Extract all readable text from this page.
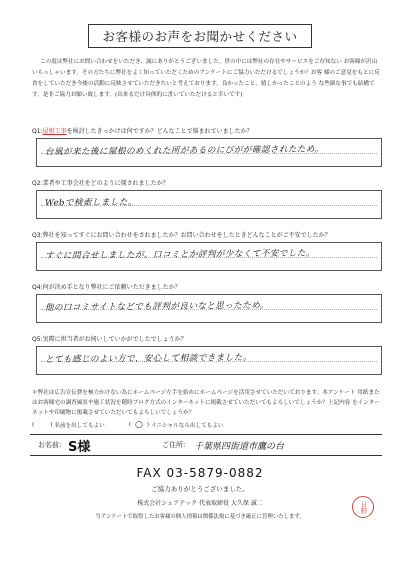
お客様のお声をお聞かせください

この度は弊社にお問い合わせをいただき、誠にありがとうございました。世の中には弊社の存在やサービスをご存知ない お客様が沢山いらっしゃいます。その方たちに弊社をよく知っていただくためのアンケートにご協力いただけるでしょうか？お客 様のご意見をもとに反省をしていただき今後の活動に反映させていただきたいと考えております。良かったこと、嬉しかったことのよう な些細な事でも結構です。是非ご協力お願い致します。(出来るだけ具体的に書いていただけると幸いです)

Q1:屋根工事を検討したきっかけは何ですか？どんなことで悩まれていましたか？
台風が来た後に屋根のめくれた所があるのにびがが確認されたため。
Q2:業者や工事会社をどのように探されましたか？
Webで検索しました。
Q3:弊社を知ってすぐにお問い合わせをされましたか？お問い合わせをしたときどんなことがご不安でしたか？
すぐに問合せしましたが、口コミとか評判が少なくて不安でした。
Q4:何が決め手となり弊社にご依頼いただきましたか？
他の口コミサイトなどでも評判が良いなと思ったため。
Q5:実際に担当者がお伺いしていかがでしたでしょうか？
とても感じのよい方で、安心して相談できました。

＊弊社は広告宣伝費を極力かけない為にホームページ左手を始めにホームページを活用させていただいております。本アンケート 用紙またはお客様宅の調査風景や施工状況を随時ブログ方式のインターネットに掲載させていただいてもよろしいでしょうか？上記内容 をインターネットや印刷物に掲載させていただいてもよろしいでしょうか？

(	) 名前を出してもよい	( ○ ) イニシャルなら出してもよい
お名前: S様	ご住所: 千葉県四街道市鷹の台
FAX 03-5879-0882
ご協力ありがとうございました。
株式会社シェアテック 代表取締役 大久保 誠二
当アンケートで取得したお客様の個人情報は関係法規に基づき厳正に管理いたします。
日野
